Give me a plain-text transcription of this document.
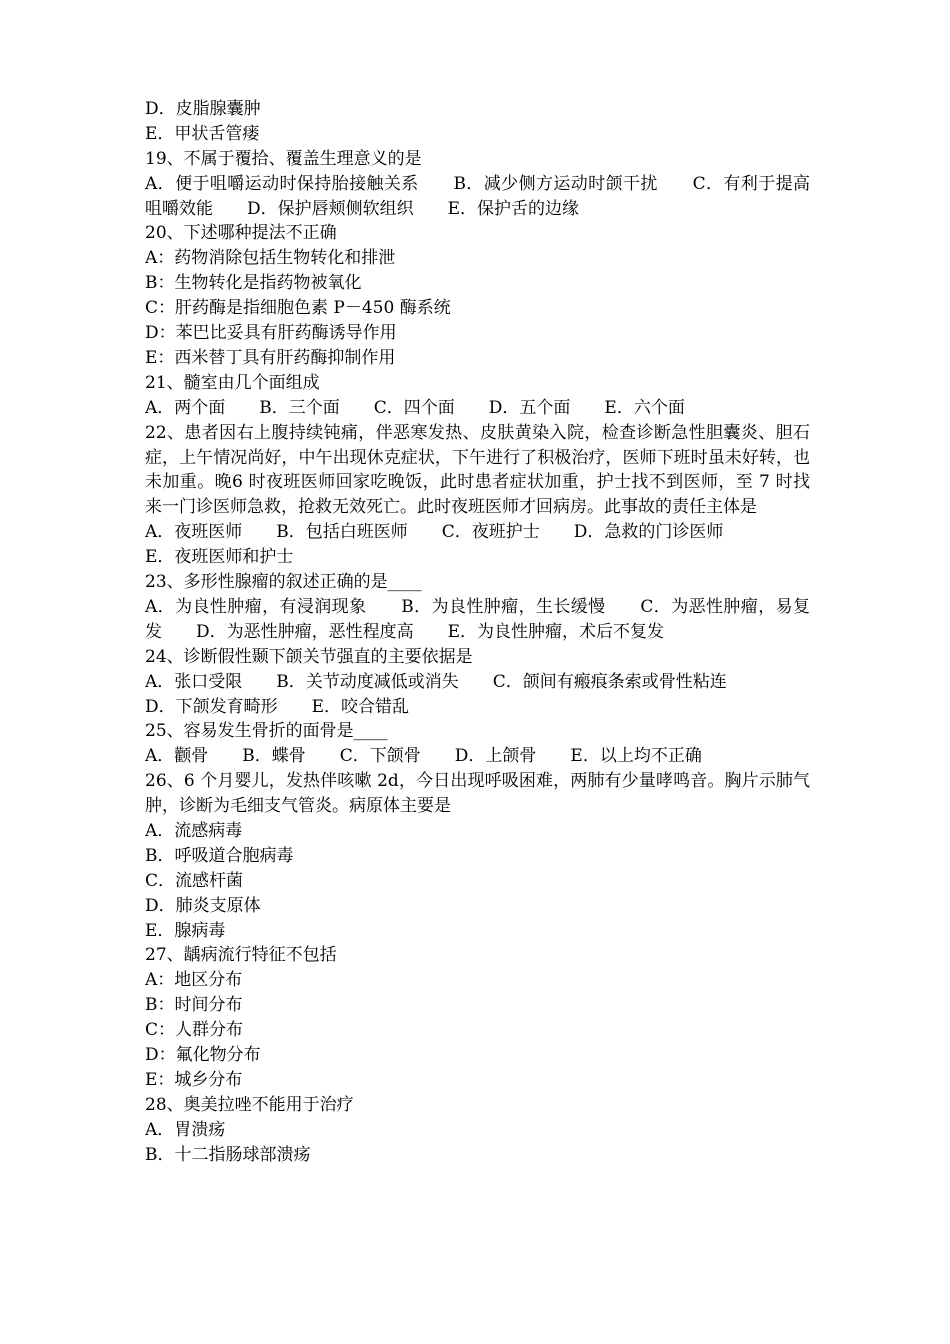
D．皮脂腺囊肿
E．甲状舌管瘘
19、不属于覆拾、覆盖生理意义的是
A．便于咀嚼运动时保持胎接触关系　　B．减少侧方运动时颌干扰　　C．有利于提高咀嚼效能　　D．保护唇颊侧软组织　　E．保护舌的边缘
20、下述哪种提法不正确
A：药物消除包括生物转化和排泄
B：生物转化是指药物被氧化
C：肝药酶是指细胞色素 P－450 酶系统
D：苯巴比妥具有肝药酶诱导作用
E：西米替丁具有肝药酶抑制作用
21、髓室由几个面组成
A．两个面　　B．三个面　　C．四个面　　D．五个面　　E．六个面
22、患者因右上腹持续钝痛，伴恶寒发热、皮肤黄染入院，检查诊断急性胆囊炎、胆石症，上午情况尚好，中午出现休克症状，下午进行了积极治疗，医师下班时虽未好转，也未加重。晚6 时夜班医师回家吃晚饭，此时患者症状加重，护士找不到医师，至 7 时找来一门诊医师急救，抢救无效死亡。此时夜班医师才回病房。此事故的责任主体是
A．夜班医师　　B．包括白班医师　　C．夜班护士　　D．急救的门诊医师
E．夜班医师和护士
23、多形性腺瘤的叙述正确的是____
A．为良性肿瘤，有浸润现象　　B．为良性肿瘤，生长缓慢　　C．为恶性肿瘤，易复发　　D．为恶性肿瘤，恶性程度高　　E．为良性肿瘤，术后不复发
24、诊断假性颞下颌关节强直的主要依据是
A．张口受限　　B．关节动度减低或消失　　C．颌间有瘢痕条索或骨性粘连
D．下颌发育畸形　　E．咬合错乱
25、容易发生骨折的面骨是____
A．颧骨　　B．蝶骨　　C．下颌骨　　D．上颌骨　　E．以上均不正确
26、6 个月婴儿，发热伴咳嗽 2d，今日出现呼吸困难，两肺有少量哮鸣音。胸片示肺气肿，诊断为毛细支气管炎。病原体主要是
A．流感病毒
B．呼吸道合胞病毒
C．流感杆菌
D．肺炎支原体
E．腺病毒
27、龋病流行特征不包括
A：地区分布
B：时间分布
C：人群分布
D：氟化物分布
E：城乡分布
28、奥美拉唑不能用于治疗
A．胃溃疡
B．十二指肠球部溃疡
